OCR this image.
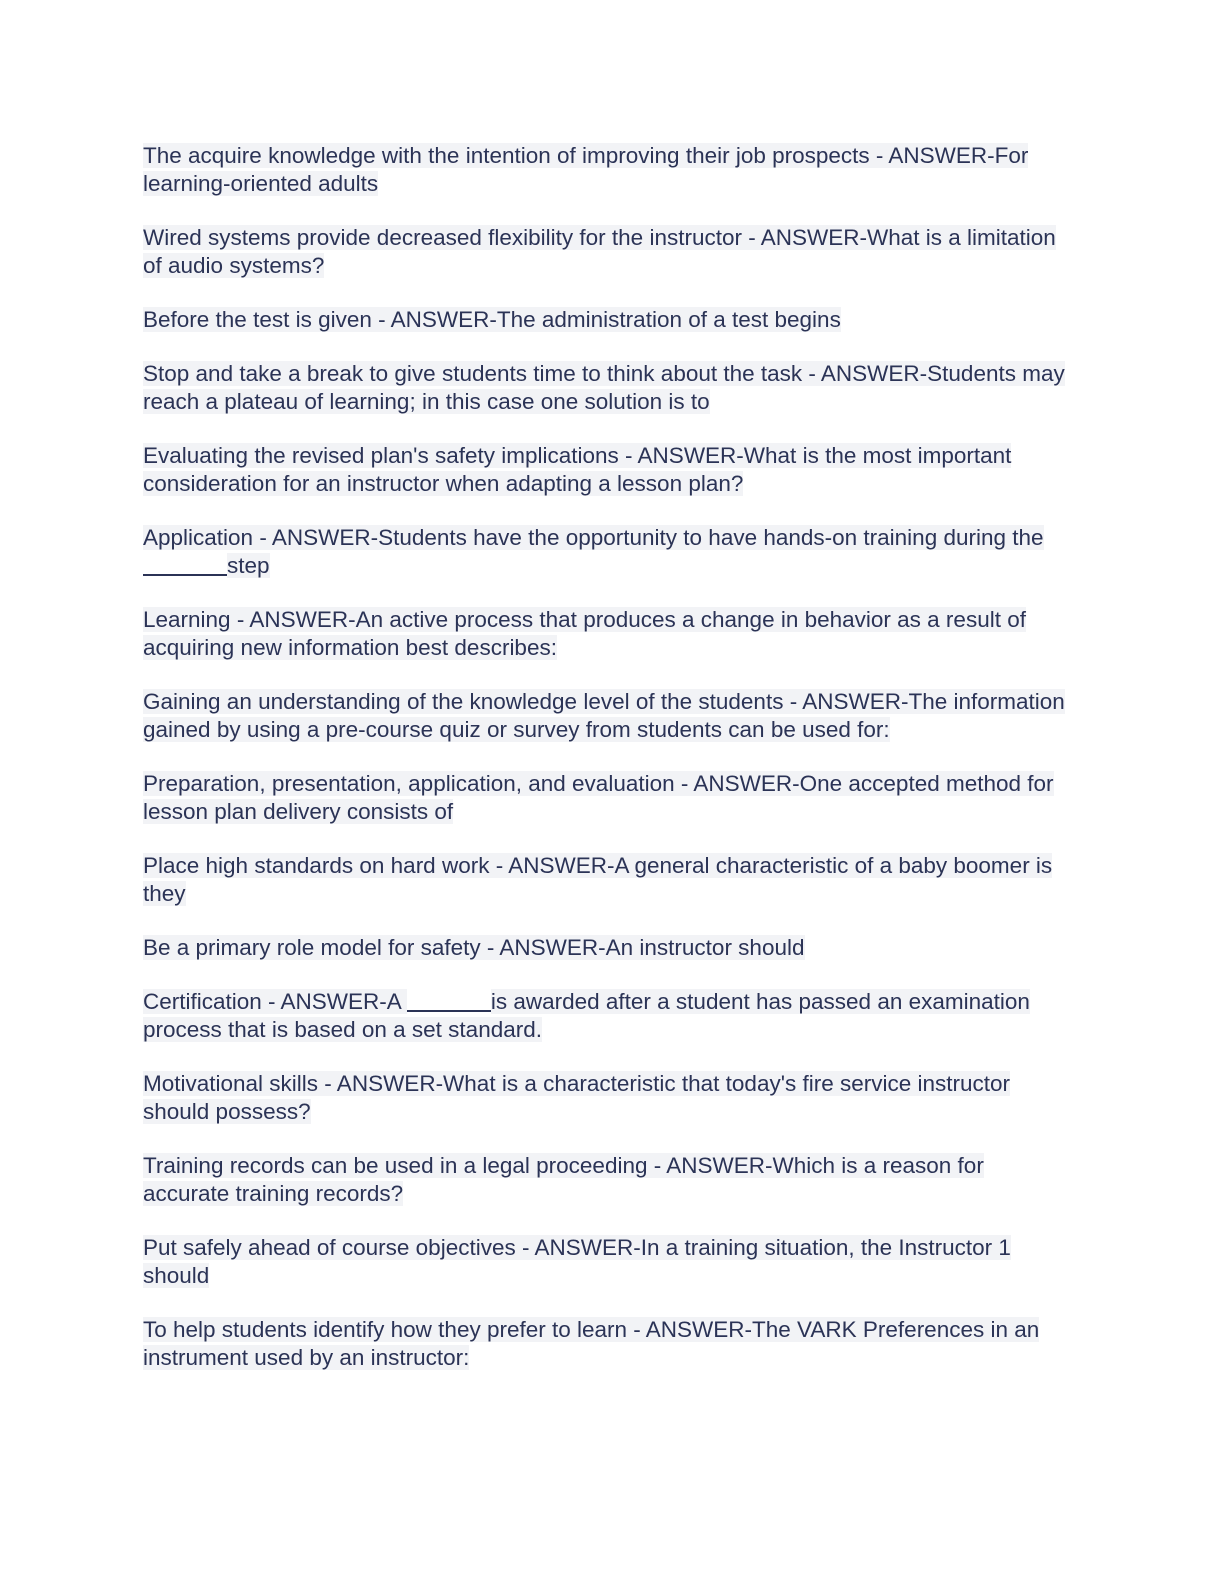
The acquire knowledge with the intention of improving their job prospects - ANSWER-For learning-oriented adults

Wired systems provide decreased flexibility for the instructor - ANSWER-What is a limitation of audio systems?

Before the test is given - ANSWER-The administration of a test begins

Stop and take a break to give students time to think about the task - ANSWER-Students may reach a plateau of learning; in this case one solution is to

Evaluating the revised plan's safety implications - ANSWER-What is the most important consideration for an instructor when adapting a lesson plan?

Application - ANSWER-Students have the opportunity to have hands-on training during the step

Learning - ANSWER-An active process that produces a change in behavior as a result of acquiring new information best describes:

Gaining an understanding of the knowledge level of the students - ANSWER-The information gained by using a pre-course quiz or survey from students can be used for:

Preparation, presentation, application, and evaluation - ANSWER-One accepted method for lesson plan delivery consists of

Place high standards on hard work - ANSWER-A general characteristic of a baby boomer is they

Be a primary role model for safety - ANSWER-An instructor should

Certification - ANSWER-A	is awarded after a student has passed an examination process that is based on a set standard.

Motivational skills - ANSWER-What is a characteristic that today's fire service instructor should possess?

Training records can be used in a legal proceeding - ANSWER-Which is a reason for accurate training records?

Put safely ahead of course objectives - ANSWER-In a training situation, the Instructor 1 should

To help students identify how they prefer to learn - ANSWER-The VARK Preferences in an instrument used by an instructor:
